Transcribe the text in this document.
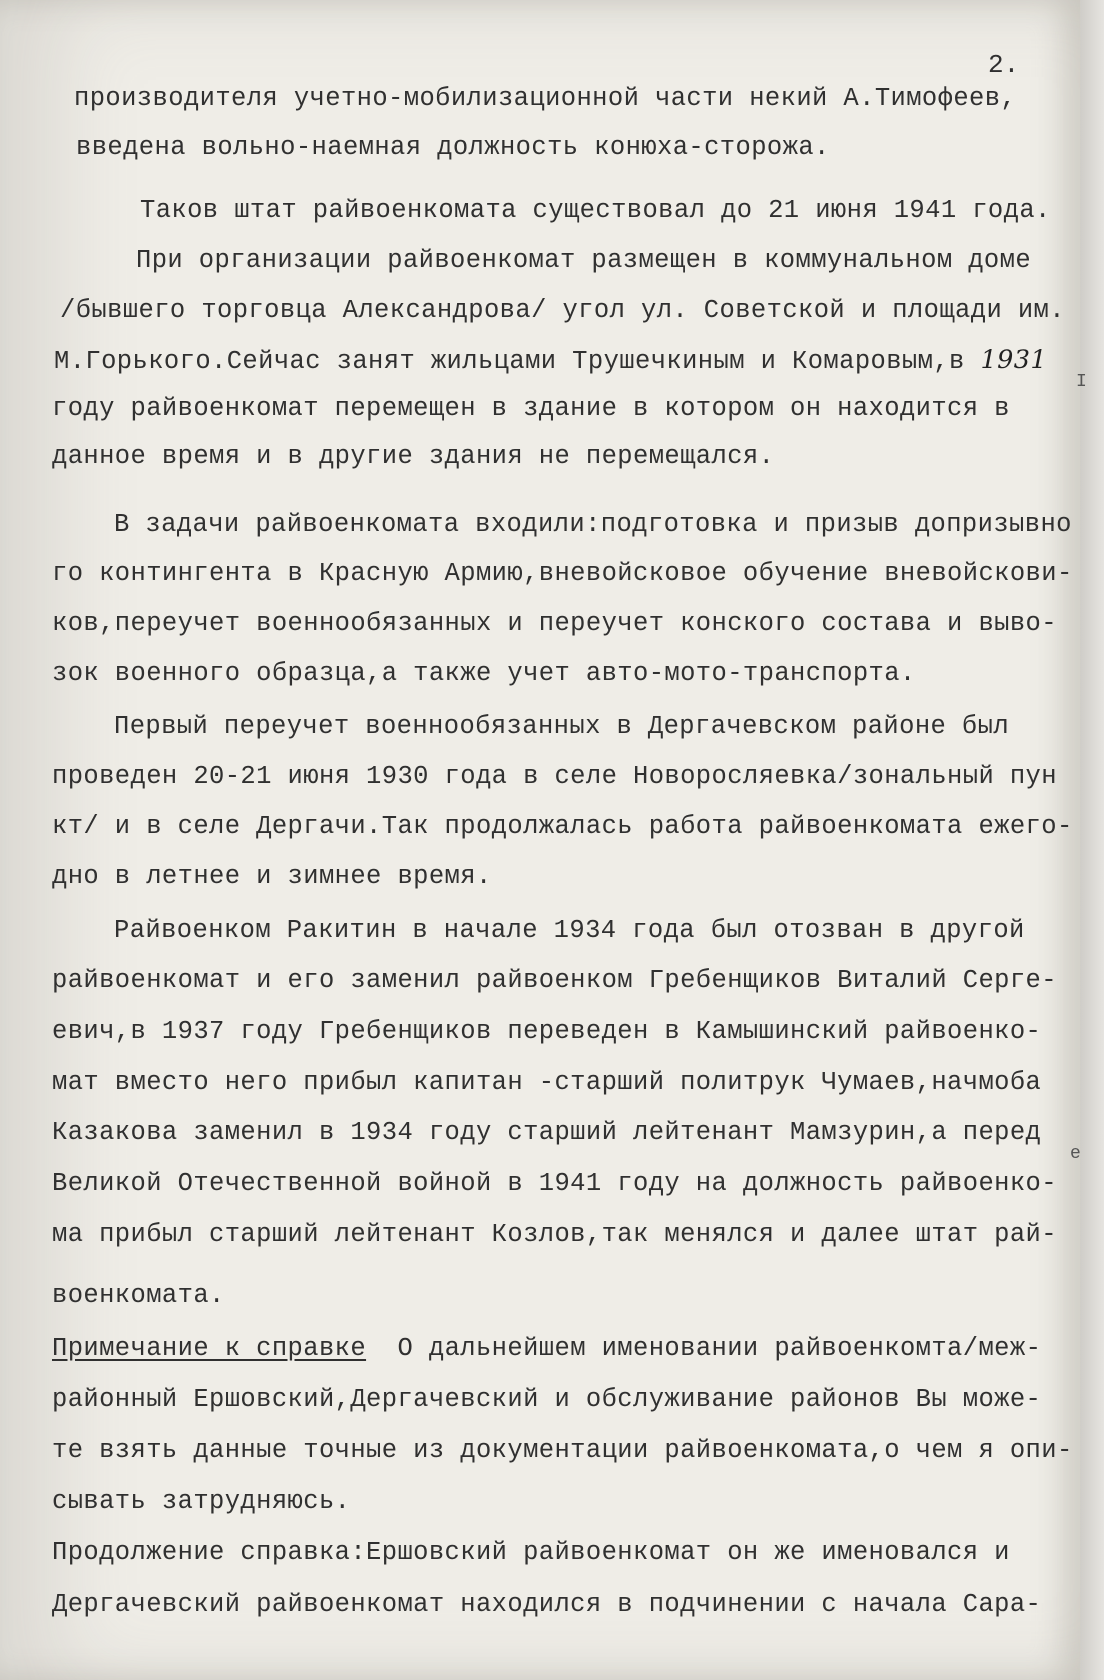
2.
производителя учетно-мобилизационной части некий А.Тимофеев,
введена вольно-наемная должность конюха-сторожа.
Таков штат райвоенкомата существовал до 21 июня 1941 года.
При организации райвоенкомат размещен в коммунальном доме
/бывшего торговца Александрова/ угол ул. Советской и площади им.
М.Горького.Сейчас занят жильцами Трушечкиным и Комаровым,в 1931
году райвоенкомат перемещен в здание в котором он находится в
данное время и в другие здания не перемещался.
В задачи райвоенкомата входили:подготовка и призыв допризывно
го контингента в Красную Армию,вневойсковое обучение вневойскови-
ков,переучет военнообязанных и переучет конского состава и выво-
зок военного образца,а также учет авто-мото-транспорта.
Первый переучет военнообязанных в Дергачевском районе был
проведен 20-21 июня 1930 года в селе Новоросляевка/зональный пун
кт/ и в селе Дергачи.Так продолжалась работа райвоенкомата ежего-
дно в летнее и зимнее время.
Райвоенком Ракитин в начале 1934 года был отозван в другой
райвоенкомат и его заменил райвоенком Гребенщиков Виталий Серге-
евич,в 1937 году Гребенщиков переведен в Камышинский райвоенко-
мат вместо него прибыл капитан -старший политрук Чумаев,начмоба
Казакова заменил в 1934 году старший лейтенант Мамзурин,а перед
Великой Отечественной войной в 1941 году на должность райвоенко-
ма прибыл старший лейтенант Козлов,так менялся и далее штат рай-
военкомата.
Примечание к справке  О дальнейшем именовании райвоенкомта/меж-
районный Ершовский,Дергачевский и обслуживание районов Вы може-
те взять данные точные из документации райвоенкомата,о чем я опи-
сывать затрудняюсь.
Продолжение справка:Ершовский райвоенкомат он же именовался и
Дергачевский райвоенкомат находился в подчинении с начала Сара-
I
e
